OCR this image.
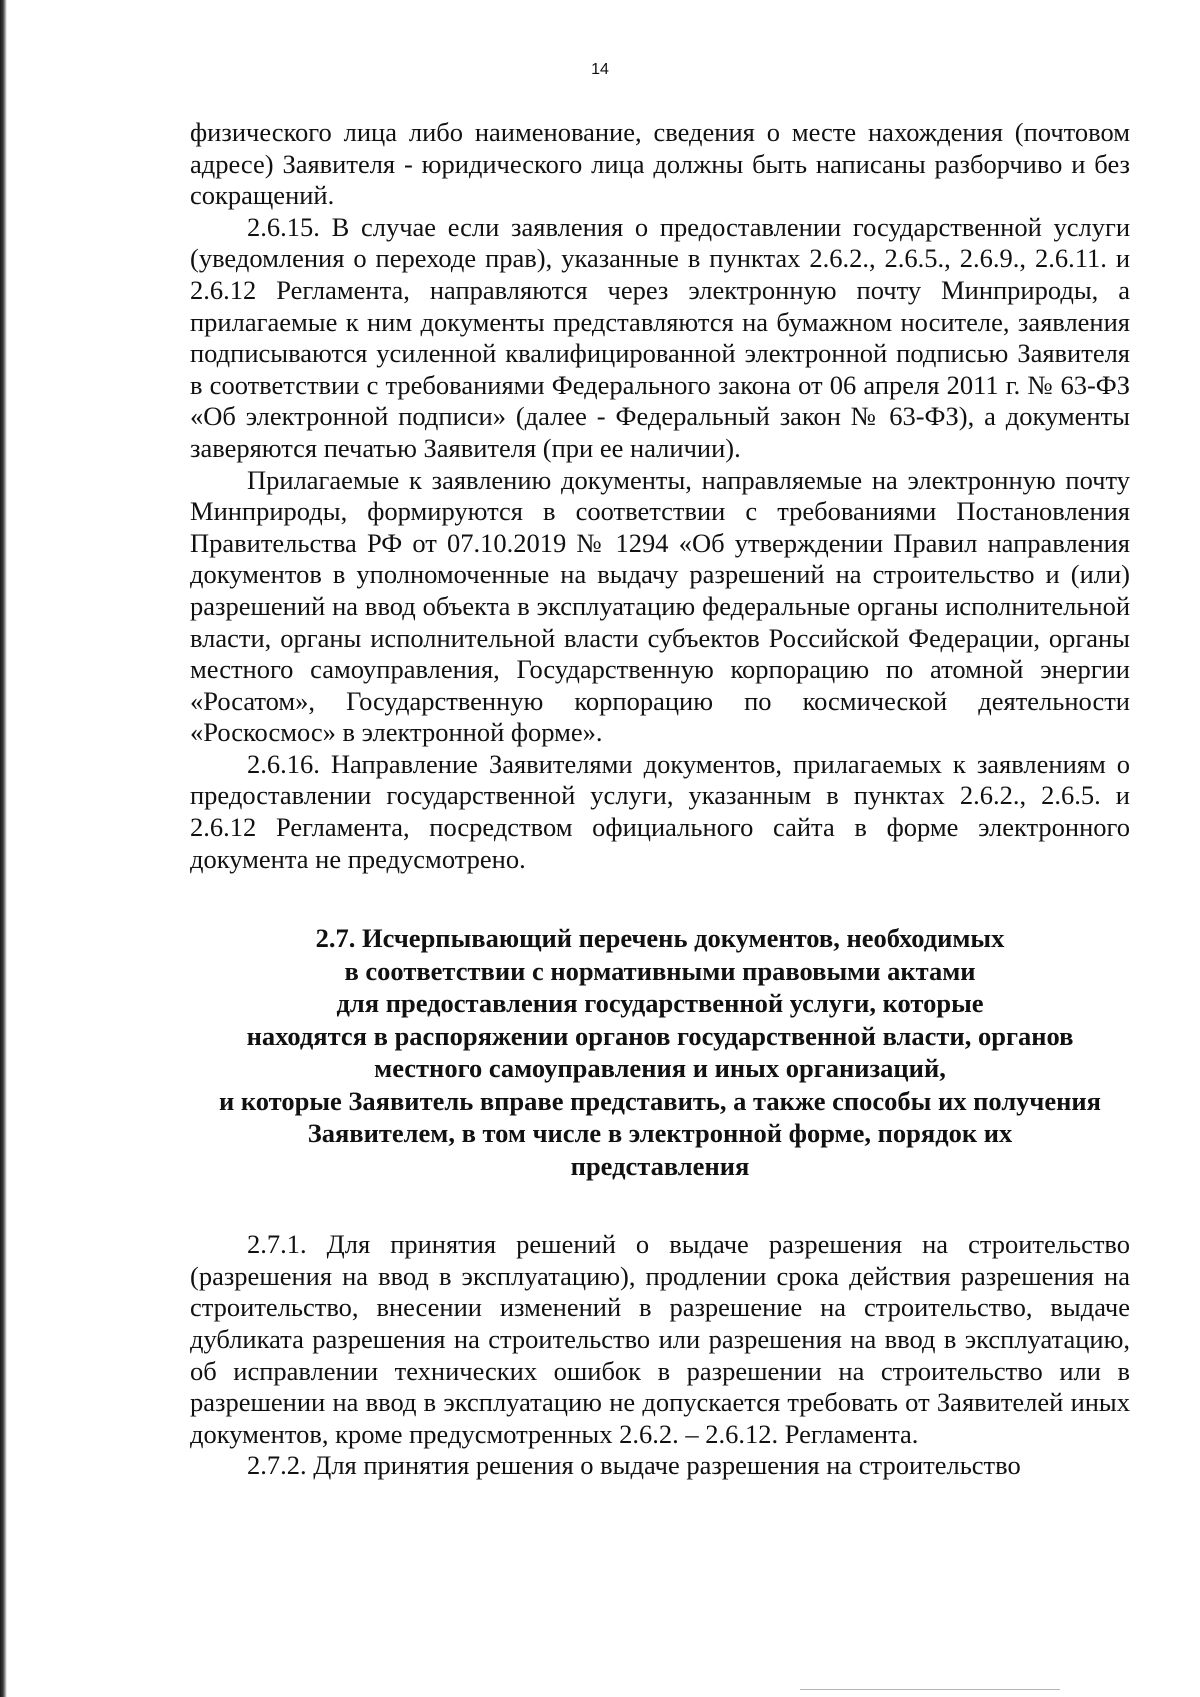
14

физического лица либо наименование, сведения о месте нахождения (почтовом адресе) Заявителя - юридического лица должны быть написаны разборчиво и без сокращений.

2.6.15. В случае если заявления о предоставлении государственной услуги (уведомления о переходе прав), указанные в пунктах 2.6.2., 2.6.5., 2.6.9., 2.6.11. и 2.6.12 Регламента, направляются через электронную почту Минприроды, а прилагаемые к ним документы представляются на бумажном носителе, заявления подписываются усиленной квалифицированной электронной подписью Заявителя в соответствии с требованиями Федерального закона от 06 апреля 2011 г. № 63-ФЗ «Об электронной подписи» (далее - Федеральный закон № 63-ФЗ), а документы заверяются печатью Заявителя (при ее наличии).

Прилагаемые к заявлению документы, направляемые на электронную почту Минприроды, формируются в соответствии с требованиями Постановления Правительства РФ от 07.10.2019 № 1294 «Об утверждении Правил направления документов в уполномоченные на выдачу разрешений на строительство и (или) разрешений на ввод объекта в эксплуатацию федеральные органы исполнительной власти, органы исполнительной власти субъектов Российской Федерации, органы местного самоуправления, Государственную корпорацию по атомной энергии «Росатом», Государственную корпорацию по космической деятельности «Роскосмос» в электронной форме».

2.6.16. Направление Заявителями документов, прилагаемых к заявлениям о предоставлении государственной услуги, указанным в пунктах 2.6.2., 2.6.5. и 2.6.12 Регламента, посредством официального сайта в форме электронного документа не предусмотрено.

2.7. Исчерпывающий перечень документов, необходимых
в соответствии с нормативными правовыми актами
для предоставления государственной услуги, которые
находятся в распоряжении органов государственной власти, органов
местного самоуправления и иных организаций,
и которые Заявитель вправе представить, а также способы их получения
Заявителем, в том числе в электронной форме, порядок их
представления

2.7.1. Для принятия решений о выдаче разрешения на строительство (разрешения на ввод в эксплуатацию), продлении срока действия разрешения на строительство, внесении изменений в разрешение на строительство, выдаче дубликата разрешения на строительство или разрешения на ввод в эксплуатацию, об исправлении технических ошибок в разрешении на строительство или в разрешении на ввод в эксплуатацию не допускается требовать от Заявителей иных документов, кроме предусмотренных 2.6.2. – 2.6.12. Регламента.

2.7.2. Для принятия решения о выдаче разрешения на строительство
